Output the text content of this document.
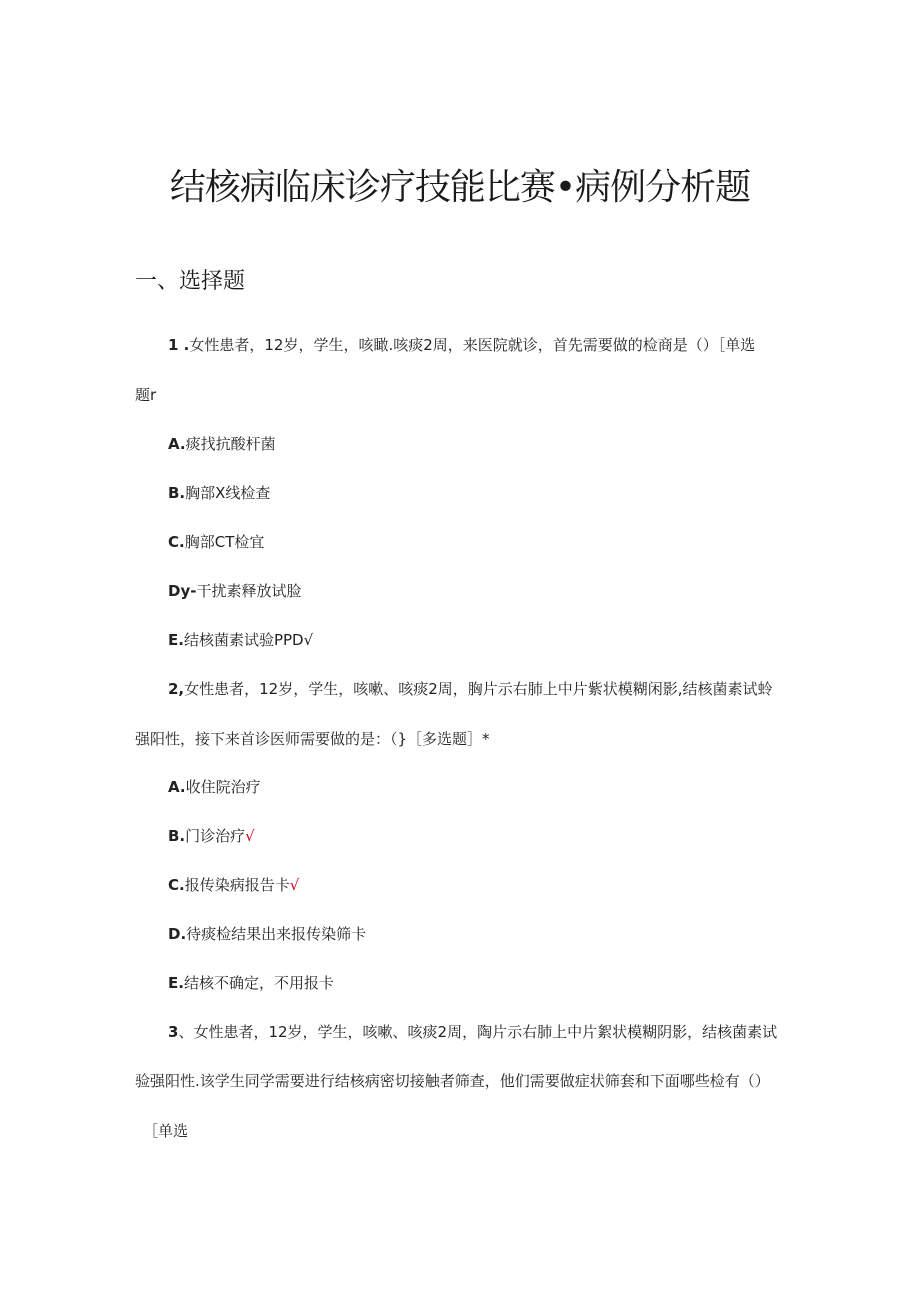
结核病临床诊疗技能比赛•病例分析题
一、选择题
1 .女性患者，12岁，学生，咳瞰.咳痰2周，来医院就诊，首先需要做的检商是（）［单选
题r
A.痰找抗酸杆菌
B.胸部X线检查
C.胸部CT检宜
Dy-干扰素释放试脸
E.结核菌素试验PPD√
2,女性患者，12岁，学生，咳嗽、咳痰2周，胸片示右肺上中片紫状模糊闲影,结核菌素试蛉
强阳性，接下来首诊医师需要做的是：（}［多选题］*
A.收住院治疗
B.门诊治疗√
C.报传染病报告卡√
D.待痰检结果出来报传染筛卡
E.结核不确定，不用报卡
3、女性患者，12岁，学生，咳嗽、咳痰2周，陶片示右肺上中片絮状模糊阴影，结核菌素试
验强阳性.该学生同学需要进行结核病密切接触者筛查，他们需要做症状筛套和下面哪些检有（）
［单选
